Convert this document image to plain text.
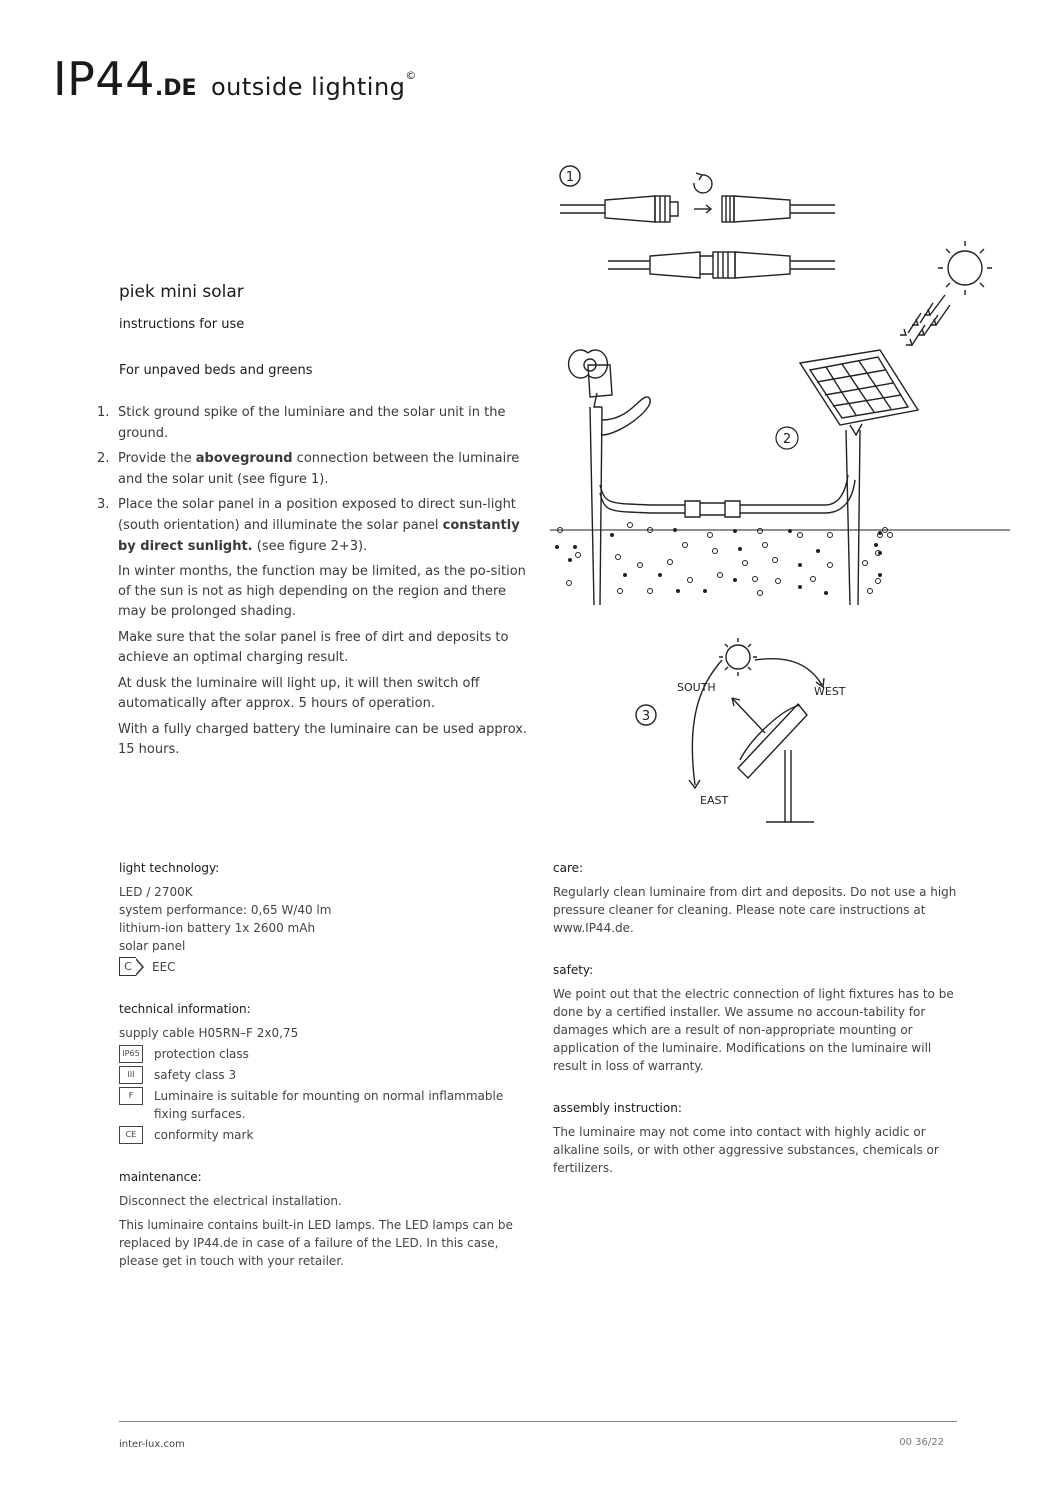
IP44.DE outside lighting©
piek mini solar
instructions for use
For unpaved beds and greens
1. Stick ground spike of the luminiare and the solar unit in the ground.
2. Provide the aboveground connection between the luminaire and the solar unit (see figure 1).
3. Place the solar panel in a position exposed to direct sun-light (south orientation) and illuminate the solar panel constantly by direct sunlight. (see figure 2+3).

In winter months, the function may be limited, as the po-sition of the sun is not as high depending on the region and there may be prolonged shading.

Make sure that the solar panel is free of dirt and deposits to achieve an optimal charging result.

At dusk the luminaire will light up, it will then switch off automatically after approx. 5 hours of operation.

With a fully charged battery the luminaire can be used approx. 15 hours.

1
2
3
SOUTH	WEST
EAST
light technology:
LED / 2700K
system performance: 0,65 W/40 lm
lithium-ion battery 1x 2600 mAh
solar panel
C	EEC
technical information:
supply cable H05RN–F 2x0,75
IP65 protection class
III	safety class 3
F	Luminaire is suitable for mounting on normal inflammable fixing surfaces.
CE	conformity mark
maintenance:
Disconnect the electrical installation.
This luminaire contains built-in LED lamps. The LED lamps can be replaced by IP44.de in case of a failure of the LED. In this case, please get in touch with your retailer.
care:
Regularly clean luminaire from dirt and deposits. Do not use a high pressure cleaner for cleaning. Please note care instructions at www.IP44.de.
safety:
We point out that the electric connection of light fixtures has to be done by a certified installer. We assume no accoun-tability for damages which are a result of non-appropriate mounting or application of the luminaire. Modifications on the luminaire will result in loss of warranty.
assembly instruction:
The luminaire may not come into contact with highly acidic or alkaline soils, or with other aggressive substances, chemicals or fertilizers.
inter-lux.com	00 36/22
